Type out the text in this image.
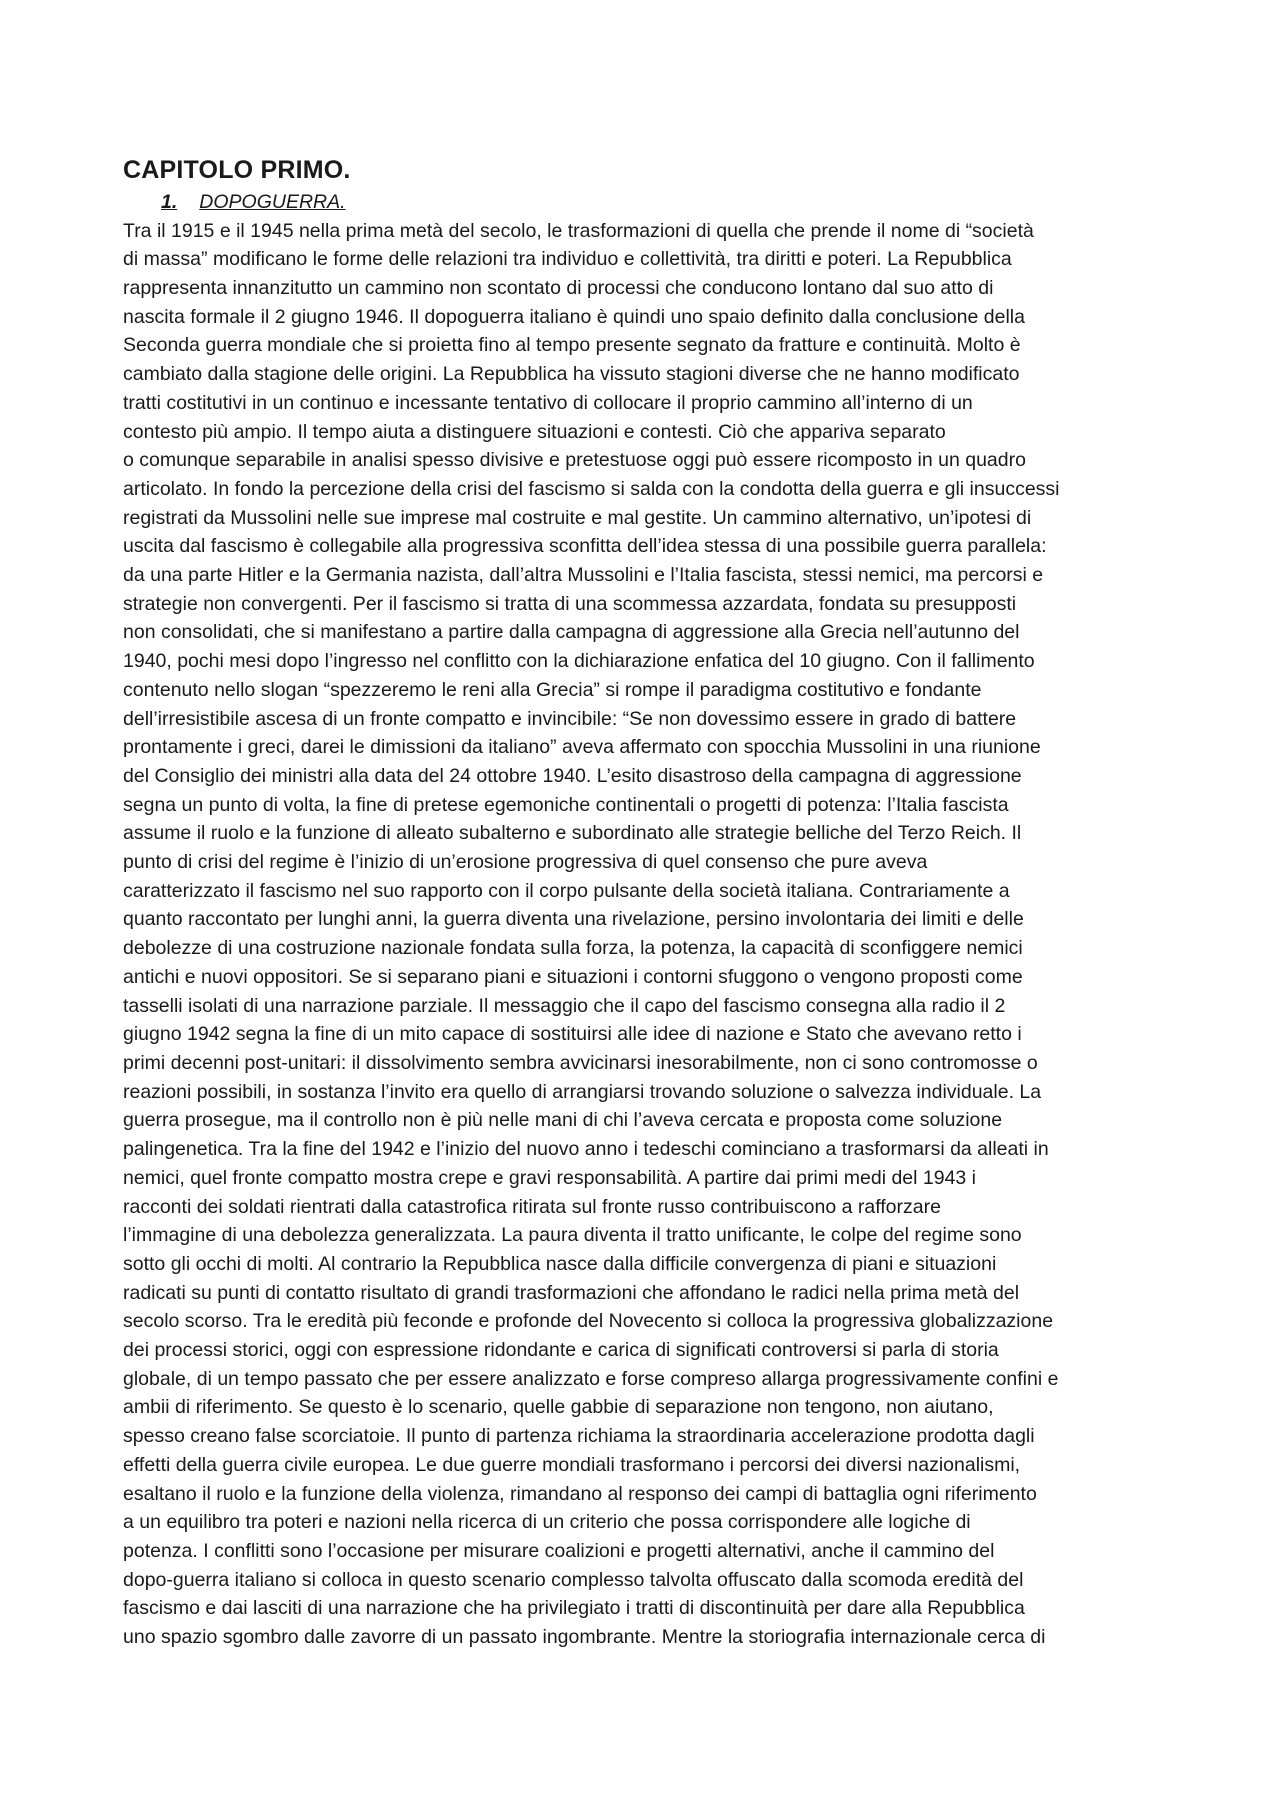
CAPITOLO PRIMO.
1. DOPOGUERRA.
Tra il 1915 e il 1945 nella prima metà del secolo, le trasformazioni di quella che prende il nome di “società
di massa” modificano le forme delle relazioni tra individuo e collettività, tra diritti e poteri. La Repubblica
rappresenta innanzitutto un cammino non scontato di processi che conducono lontano dal suo atto di
nascita formale il 2 giugno 1946. Il dopoguerra italiano è quindi uno spaio definito dalla conclusione della
Seconda guerra mondiale che si proietta fino al tempo presente segnato da fratture e continuità. Molto è
cambiato dalla stagione delle origini. La Repubblica ha vissuto stagioni diverse che ne hanno modificato
tratti costitutivi in un continuo e incessante tentativo di collocare il proprio cammino all’interno di un
contesto più ampio. Il tempo aiuta a distinguere situazioni e contesti. Ciò che appariva separato
o comunque separabile in analisi spesso divisive e pretestuose oggi può essere ricomposto in un quadro
articolato. In fondo la percezione della crisi del fascismo si salda con la condotta della guerra e gli insuccessi
registrati da Mussolini nelle sue imprese mal costruite e mal gestite. Un cammino alternativo, un’ipotesi di
uscita dal fascismo è collegabile alla progressiva sconfitta dell’idea stessa di una possibile guerra parallela:
da una parte Hitler e la Germania nazista, dall’altra Mussolini e l’Italia fascista, stessi nemici, ma percorsi e
strategie non convergenti. Per il fascismo si tratta di una scommessa azzardata, fondata su presupposti
non consolidati, che si manifestano a partire dalla campagna di aggressione alla Grecia nell’autunno del
1940, pochi mesi dopo l’ingresso nel conflitto con la dichiarazione enfatica del 10 giugno. Con il fallimento
contenuto nello slogan “spezzeremo le reni alla Grecia” si rompe il paradigma costitutivo e fondante
dell’irresistibile ascesa di un fronte compatto e invincibile: “Se non dovessimo essere in grado di battere
prontamente i greci, darei le dimissioni da italiano” aveva affermato con spocchia Mussolini in una riunione
del Consiglio dei ministri alla data del 24 ottobre 1940. L’esito disastroso della campagna di aggressione
segna un punto di volta, la fine di pretese egemoniche continentali o progetti di potenza: l’Italia fascista
assume il ruolo e la funzione di alleato subalterno e subordinato alle strategie belliche del Terzo Reich. Il
punto di crisi del regime è l’inizio di un’erosione progressiva di quel consenso che pure aveva
caratterizzato il fascismo nel suo rapporto con il corpo pulsante della società italiana. Contrariamente a
quanto raccontato per lunghi anni, la guerra diventa una rivelazione, persino involontaria dei limiti e delle
debolezze di una costruzione nazionale fondata sulla forza, la potenza, la capacità di sconfiggere nemici
antichi e nuovi oppositori. Se si separano piani e situazioni i contorni sfuggono o vengono proposti come
tasselli isolati di una narrazione parziale. Il messaggio che il capo del fascismo consegna alla radio il 2
giugno 1942 segna la fine di un mito capace di sostituirsi alle idee di nazione e Stato che avevano retto i
primi decenni post-unitari: il dissolvimento sembra avvicinarsi inesorabilmente, non ci sono contromosse o
reazioni possibili, in sostanza l’invito era quello di arrangiarsi trovando soluzione o salvezza individuale. La
guerra prosegue, ma il controllo non è più nelle mani di chi l’aveva cercata e proposta come soluzione
palingenetica. Tra la fine del 1942 e l’inizio del nuovo anno i tedeschi cominciano a trasformarsi da alleati in
nemici, quel fronte compatto mostra crepe e gravi responsabilità. A partire dai primi medi del 1943 i
racconti dei soldati rientrati dalla catastrofica ritirata sul fronte russo contribuiscono a rafforzare
l’immagine di una debolezza generalizzata. La paura diventa il tratto unificante, le colpe del regime sono
sotto gli occhi di molti. Al contrario la Repubblica nasce dalla difficile convergenza di piani e situazioni
radicati su punti di contatto risultato di grandi trasformazioni che affondano le radici nella prima metà del
secolo scorso. Tra le eredità più feconde e profonde del Novecento si colloca la progressiva globalizzazione
dei processi storici, oggi con espressione ridondante e carica di significati controversi si parla di storia
globale, di un tempo passato che per essere analizzato e forse compreso allarga progressivamente confini e
ambii di riferimento. Se questo è lo scenario, quelle gabbie di separazione non tengono, non aiutano,
spesso creano false scorciatoie. Il punto di partenza richiama la straordinaria accelerazione prodotta dagli
effetti della guerra civile europea. Le due guerre mondiali trasformano i percorsi dei diversi nazionalismi,
esaltano il ruolo e la funzione della violenza, rimandano al responso dei campi di battaglia ogni riferimento
a un equilibro tra poteri e nazioni nella ricerca di un criterio che possa corrispondere alle logiche di
potenza. I conflitti sono l’occasione per misurare coalizioni e progetti alternativi, anche il cammino del
dopo-guerra italiano si colloca in questo scenario complesso talvolta offuscato dalla scomoda eredità del
fascismo e dai lasciti di una narrazione che ha privilegiato i tratti di discontinuità per dare alla Repubblica
uno spazio sgombro dalle zavorre di un passato ingombrante. Mentre la storiografia internazionale cerca di
